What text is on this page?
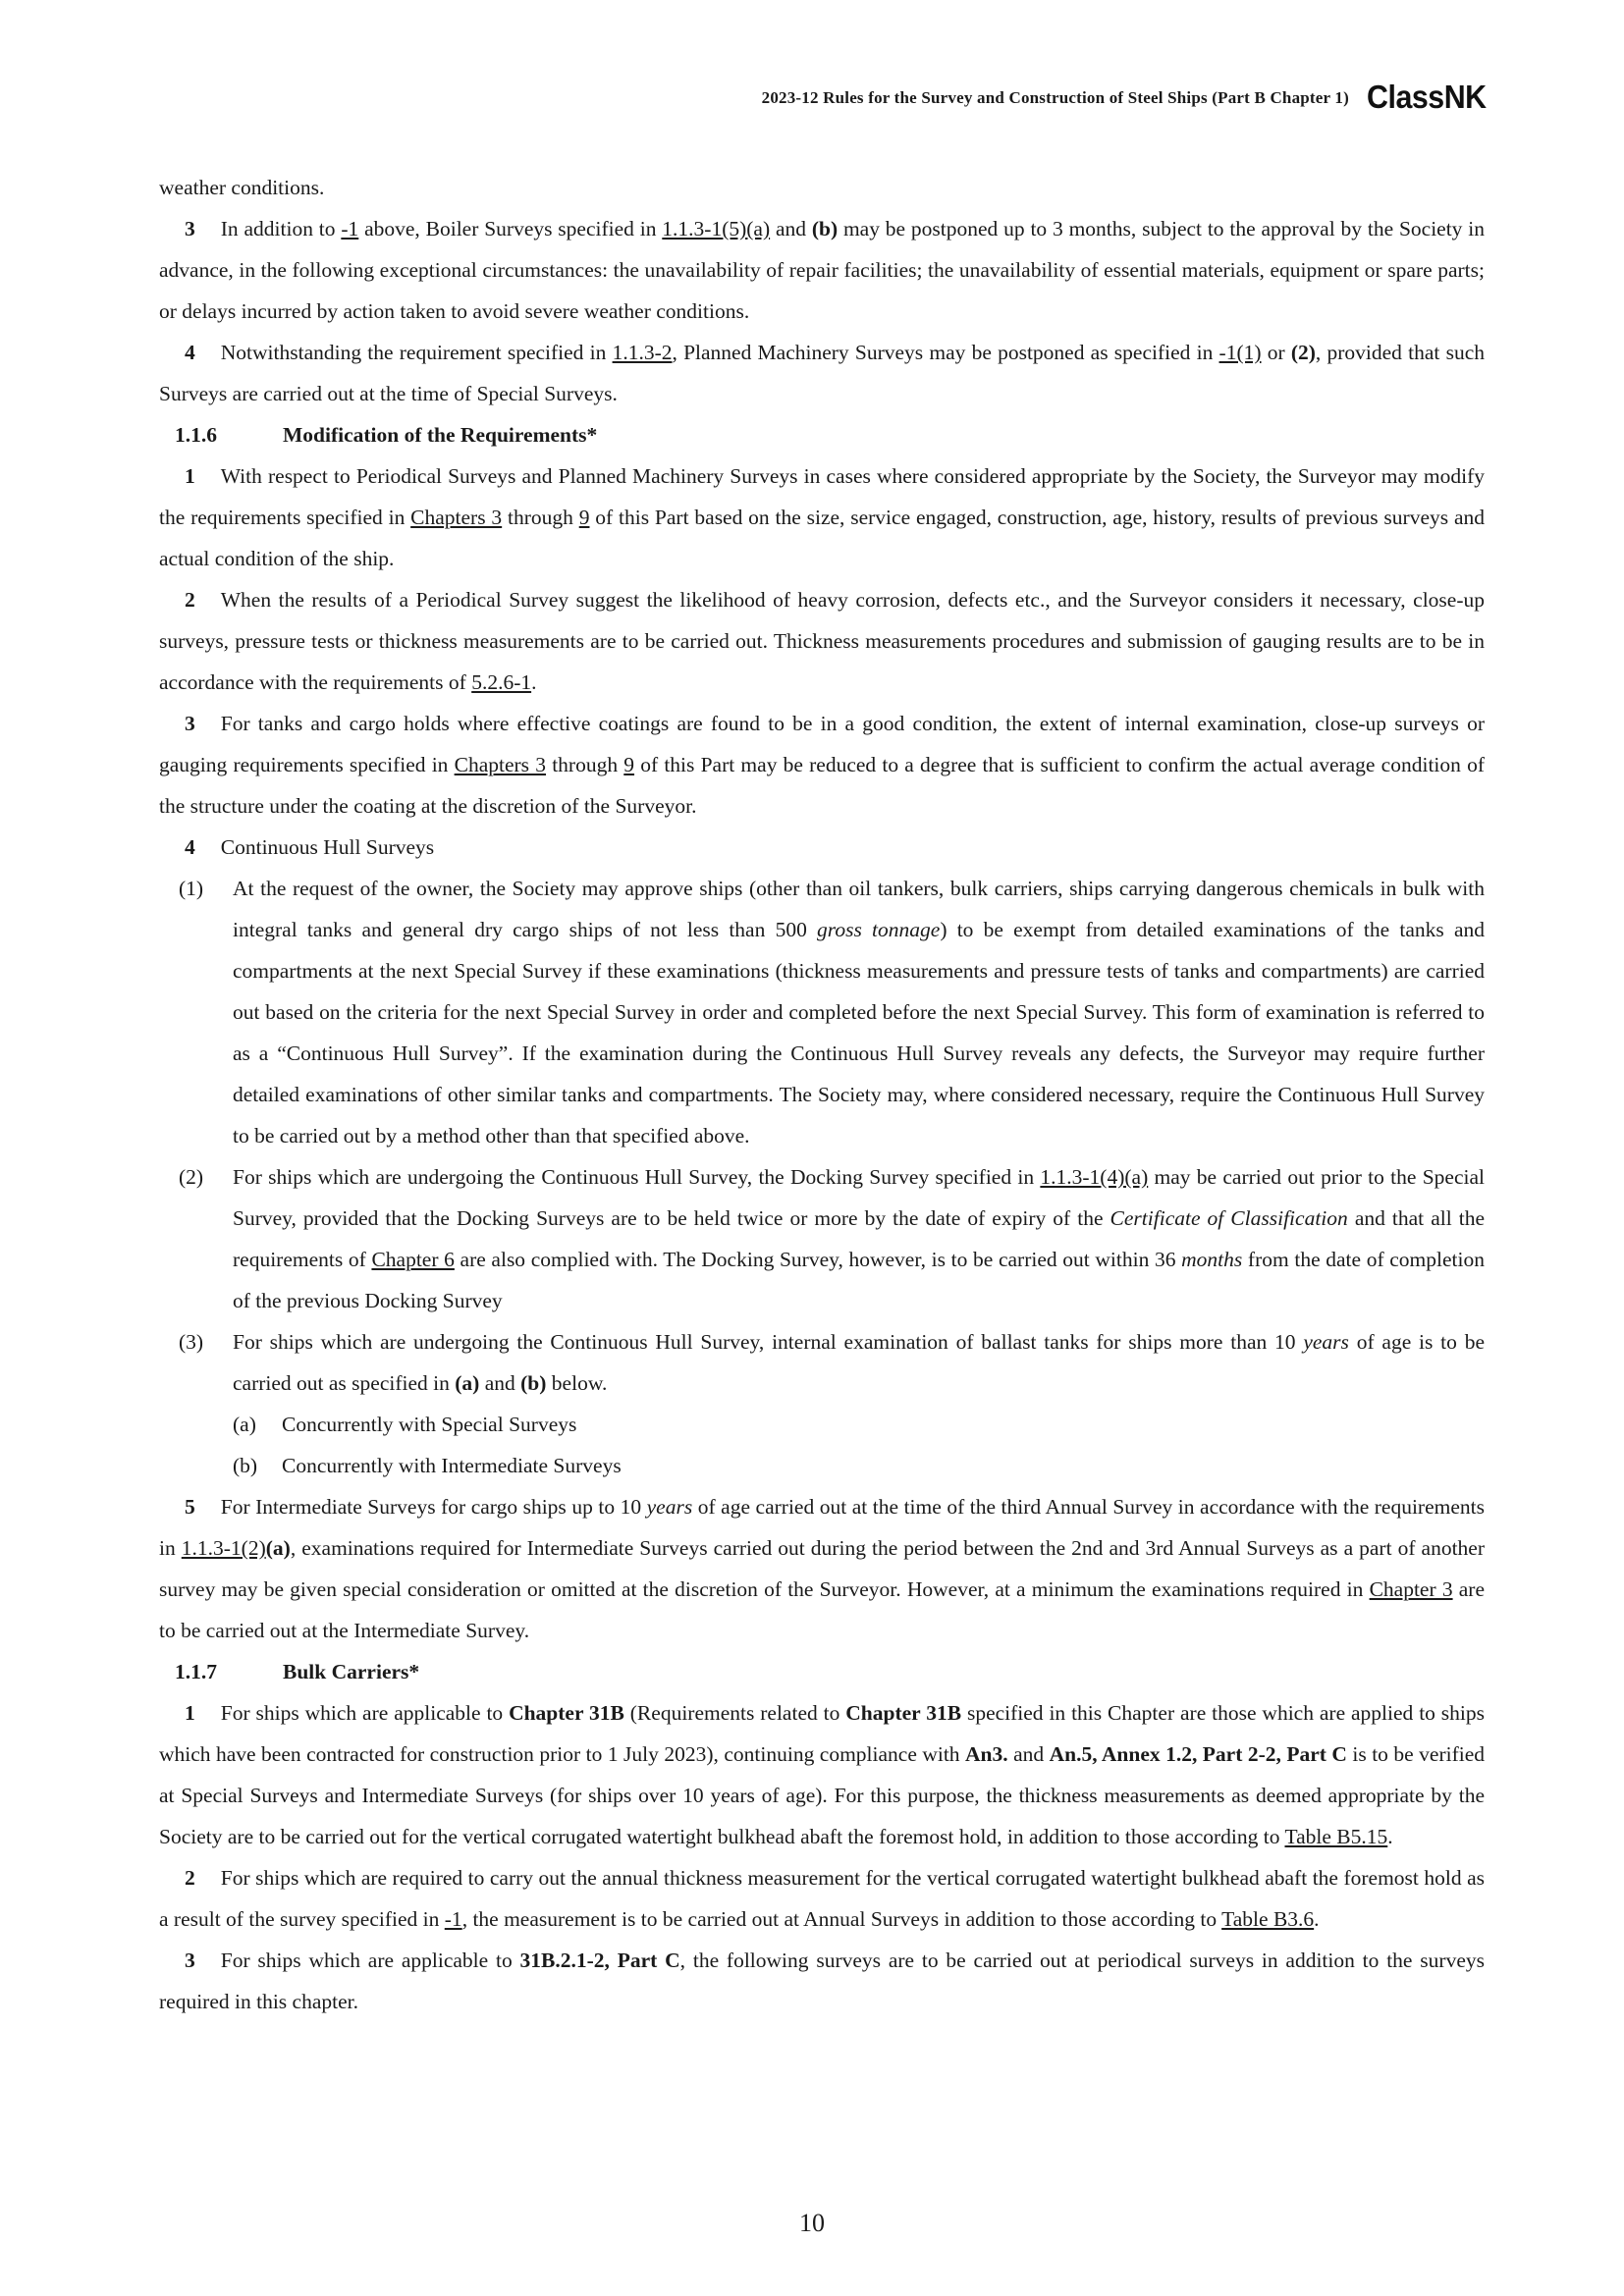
2023-12 Rules for the Survey and Construction of Steel Ships (Part B Chapter 1) ClassNK

weather conditions.

3 In addition to -1 above, Boiler Surveys specified in 1.1.3-1(5)(a) and (b) may be postponed up to 3 months, subject to the approval by the Society in advance, in the following exceptional circumstances: the unavailability of repair facilities; the unavailability of essential materials, equipment or spare parts; or delays incurred by action taken to avoid severe weather conditions.

4 Notwithstanding the requirement specified in 1.1.3-2, Planned Machinery Surveys may be postponed as specified in -1(1) or (2), provided that such Surveys are carried out at the time of Special Surveys.

1.1.6	Modification of the Requirements*

1 With respect to Periodical Surveys and Planned Machinery Surveys in cases where considered appropriate by the Society, the Surveyor may modify the requirements specified in Chapters 3 through 9 of this Part based on the size, service engaged, construction, age, history, results of previous surveys and actual condition of the ship.

2 When the results of a Periodical Survey suggest the likelihood of heavy corrosion, defects etc., and the Surveyor considers it necessary, close-up surveys, pressure tests or thickness measurements are to be carried out. Thickness measurements procedures and submission of gauging results are to be in accordance with the requirements of 5.2.6-1.

3 For tanks and cargo holds where effective coatings are found to be in a good condition, the extent of internal examination, close-up surveys or gauging requirements specified in Chapters 3 through 9 of this Part may be reduced to a degree that is sufficient to confirm the actual average condition of the structure under the coating at the discretion of the Surveyor.

4 Continuous Hull Surveys

(1) At the request of the owner, the Society may approve ships (other than oil tankers, bulk carriers, ships carrying dangerous chemicals in bulk with integral tanks and general dry cargo ships of not less than 500 gross tonnage) to be exempt from detailed examinations of the tanks and compartments at the next Special Survey if these examinations (thickness measurements and pressure tests of tanks and compartments) are carried out based on the criteria for the next Special Survey in order and completed before the next Special Survey. This form of examination is referred to as a “Continuous Hull Survey”. If the examination during the Continuous Hull Survey reveals any defects, the Surveyor may require further detailed examinations of other similar tanks and compartments. The Society may, where considered necessary, require the Continuous Hull Survey to be carried out by a method other than that specified above.

(2) For ships which are undergoing the Continuous Hull Survey, the Docking Survey specified in 1.1.3-1(4)(a) may be carried out prior to the Special Survey, provided that the Docking Surveys are to be held twice or more by the date of expiry of the Certificate of Classification and that all the requirements of Chapter 6 are also complied with. The Docking Survey, however, is to be carried out within 36 months from the date of completion of the previous Docking Survey

(3) For ships which are undergoing the Continuous Hull Survey, internal examination of ballast tanks for ships more than 10 years of age is to be carried out as specified in (a) and (b) below.

(a) Concurrently with Special Surveys

(b) Concurrently with Intermediate Surveys

5 For Intermediate Surveys for cargo ships up to 10 years of age carried out at the time of the third Annual Survey in accordance with the requirements in 1.1.3-1(2)(a), examinations required for Intermediate Surveys carried out during the period between the 2nd and 3rd Annual Surveys as a part of another survey may be given special consideration or omitted at the discretion of the Surveyor. However, at a minimum the examinations required in Chapter 3 are to be carried out at the Intermediate Survey.

1.1.7	Bulk Carriers*

1 For ships which are applicable to Chapter 31B (Requirements related to Chapter 31B specified in this Chapter are those which are applied to ships which have been contracted for construction prior to 1 July 2023), continuing compliance with An3. and An.5, Annex 1.2, Part 2-2, Part C is to be verified at Special Surveys and Intermediate Surveys (for ships over 10 years of age). For this purpose, the thickness measurements as deemed appropriate by the Society are to be carried out for the vertical corrugated watertight bulkhead abaft the foremost hold, in addition to those according to Table B5.15.

2 For ships which are required to carry out the annual thickness measurement for the vertical corrugated watertight bulkhead abaft the foremost hold as a result of the survey specified in -1, the measurement is to be carried out at Annual Surveys in addition to those according to Table B3.6.

3 For ships which are applicable to 31B.2.1-2, Part C, the following surveys are to be carried out at periodical surveys in addition to the surveys required in this chapter.

10
